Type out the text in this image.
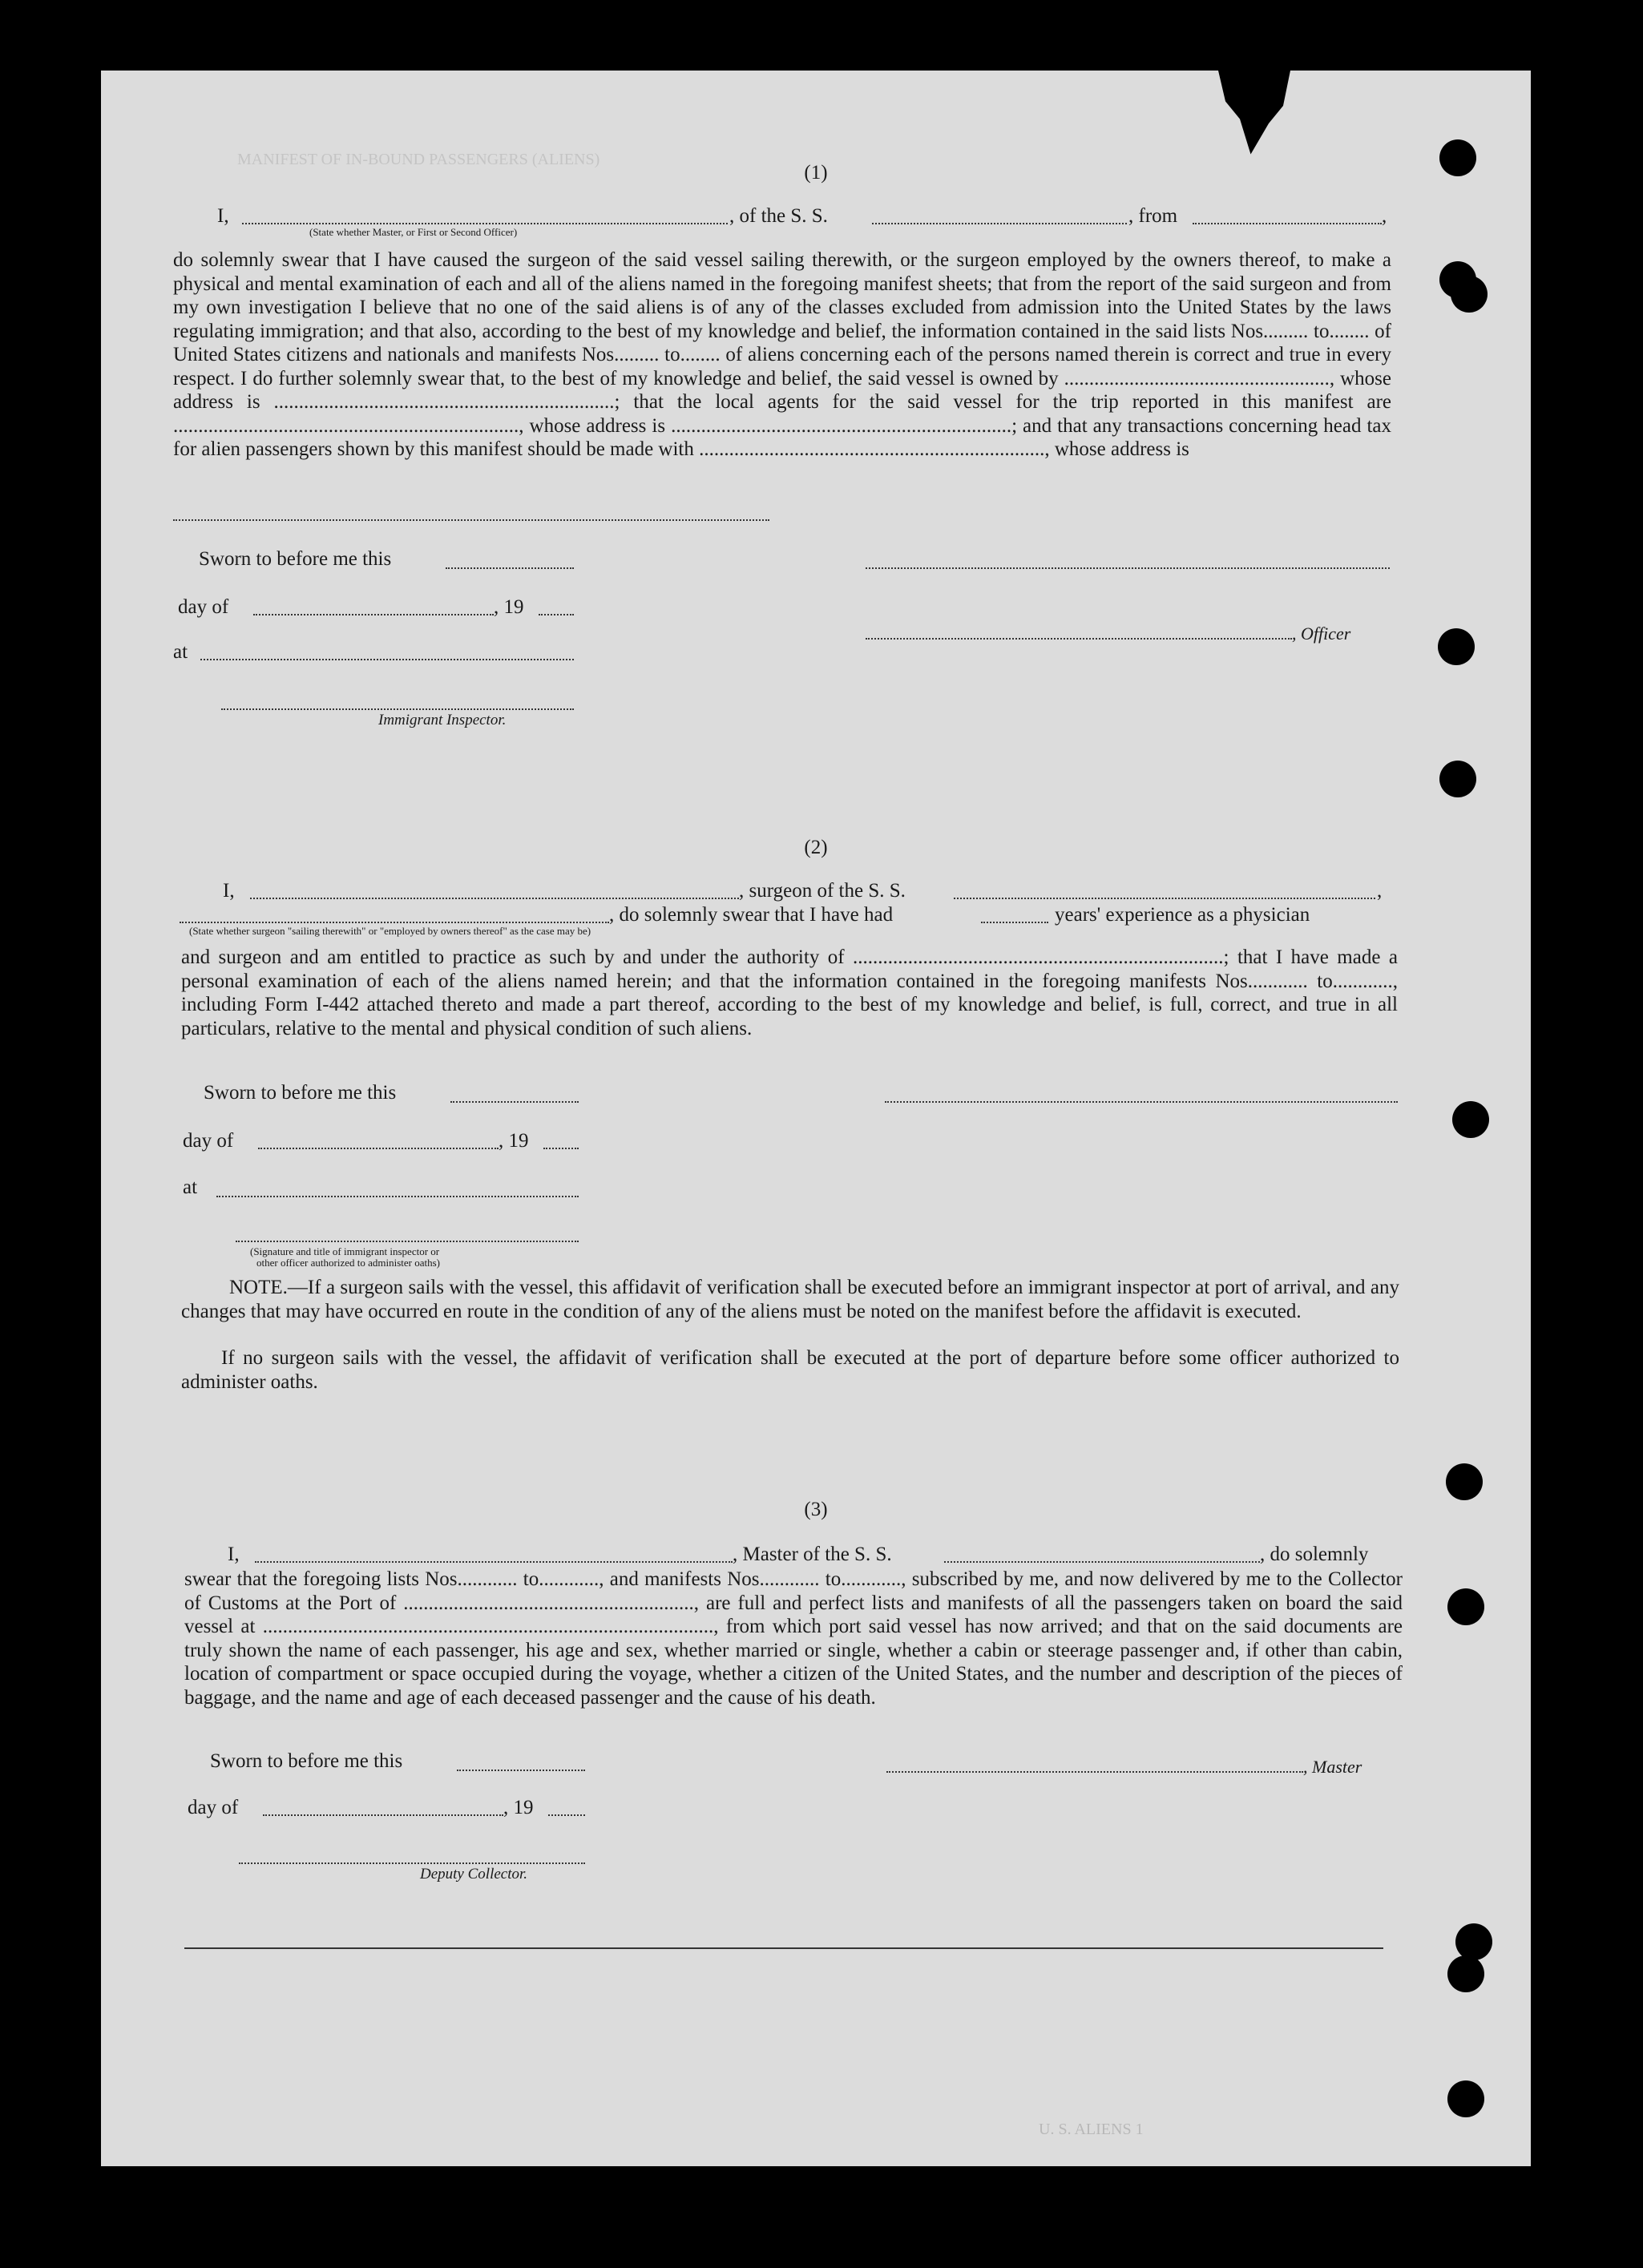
MANIFEST OF IN-BOUND PASSENGERS (ALIENS)
(1)
I,	, of the S. S.	, from	,
(State whether Master, or First or Second Officer)
do solemnly swear that I have caused the surgeon of the said vessel sailing therewith, or the surgeon employed by the owners thereof, to make a physical and mental examination of each and all of the aliens named in the foregoing manifest sheets; that from the report of the said surgeon and from my own investigation I believe that no one of the said aliens is of any of the classes excluded from admission into the United States by the laws regulating immigration; and that also, according to the best of my knowledge and belief, the information contained in the said lists Nos......... to........ of United States citizens and nationals and manifests Nos......... to........ of aliens concerning each of the persons named therein is correct and true in every respect. I do further solemnly swear that, to the best of my knowledge and belief, the said vessel is owned by ....................................................., whose address is ....................................................................; that the local agents for the said vessel for the trip reported in this manifest are ....................................................................., whose address is ....................................................................; and that any transactions concerning head tax for alien passengers shown by this manifest should be made with ....................................................................., whose address is
Sworn to before me this
day of	, 19
, Officer
at
Immigrant Inspector.
(2)
I,	, surgeon of the S. S.	,
, do solemnly swear that I have had	years' experience as a physician
(State whether surgeon "sailing therewith" or "employed by owners thereof" as the case may be)
and surgeon and am entitled to practice as such by and under the authority of ..........................................................................; that I have made a personal examination of each of the aliens named herein; and that the information contained in the foregoing manifests Nos............ to............, including Form I-442 attached thereto and made a part thereof, according to the best of my knowledge and belief, is full, correct, and true in all particulars, relative to the mental and physical condition of such aliens.
Sworn to before me this
day of	, 19
at
(Signature and title of immigrant inspector or
other officer authorized to administer oaths)
NOTE.—If a surgeon sails with the vessel, this affidavit of verification shall be executed before an immigrant inspector at port of arrival, and any changes that may have occurred en route in the condition of any of the aliens must be noted on the manifest before the affidavit is executed.
If no surgeon sails with the vessel, the affidavit of verification shall be executed at the port of departure before some officer authorized to administer oaths.
(3)
I,	, Master of the S. S.	, do solemnly
swear that the foregoing lists Nos............ to............, and manifests Nos............ to............, subscribed by me, and now delivered by me to the Collector of Customs at the Port of .........................................................., are full and perfect lists and manifests of all the passengers taken on board the said vessel at .........................................................................................., from which port said vessel has now arrived; and that on the said documents are truly shown the name of each passenger, his age and sex, whether married or single, whether a cabin or steerage passenger and, if other than cabin, location of compartment or space occupied during the voyage, whether a citizen of the United States, and the number and description of the pieces of baggage, and the name and age of each deceased passenger and the cause of his death.
Sworn to before me this	, Master
day of	, 19
Deputy Collector.
U. S. ALIENS 1
